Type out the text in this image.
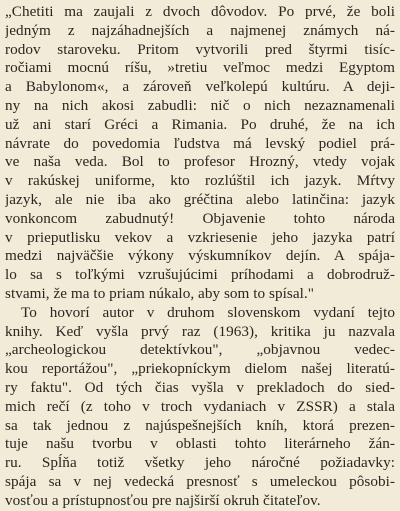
„Chetiti ma zaujali z dvoch dôvodov. Po prvé, že boli
jedným z najzáhadnejších a najmenej známych ná-
rodov staroveku. Pritom vytvorili pred štyrmi tisíc-
ročiami mocnú ríšu, »tretiu veľmoc medzi Egyptom
a Babylonom«, a zároveň veľkolepú kultúru. A deji-
ny na nich akosi zabudli: nič o nich nezaznamenali
už ani starí Gréci a Rimania. Po druhé, že na ich
návrate do povedomia ľudstva má levský podiel prá-
ve naša veda. Bol to profesor Hrozný, vtedy vojak
v rakúskej uniforme, kto rozlúštil ich jazyk. Mŕtvy
jazyk, ale nie iba ako gréčtina alebo latinčina: jazyk
vonkoncom zabudnutý! Objavenie tohto národa
v prieputlisku vekov a vzkriesenie jeho jazyka patrí
medzi najväčšie výkony výskumníkov dejín. A spája-
lo sa s toľkými vzrušujúcimi príhodami a dobrodruž-
stvami, že ma to priam núkalo, aby som to spísal."
To hovorí autor v druhom slovenskom vydaní tejto
knihy. Keď vyšla prvý raz (1963), kritika ju nazvala
„archeologickou detektívkou", „objavnou vedec-
kou reportážou", „priekopníckym dielom našej literatú-
ry faktu". Od tých čias vyšla v prekladoch do sied-
mich rečí (z toho v troch vydaniach v ZSSR) a stala
sa tak jednou z najúspešnejších kníh, ktorá prezen-
tuje našu tvorbu v oblasti tohto literárneho žán-
ru. Spĺňa totiž všetky jeho náročné požiadavky:
spája sa v nej vedecká presnosť s umeleckou pôsobi-
vosťou a prístupnosťou pre najširší okruh čitateľov.
